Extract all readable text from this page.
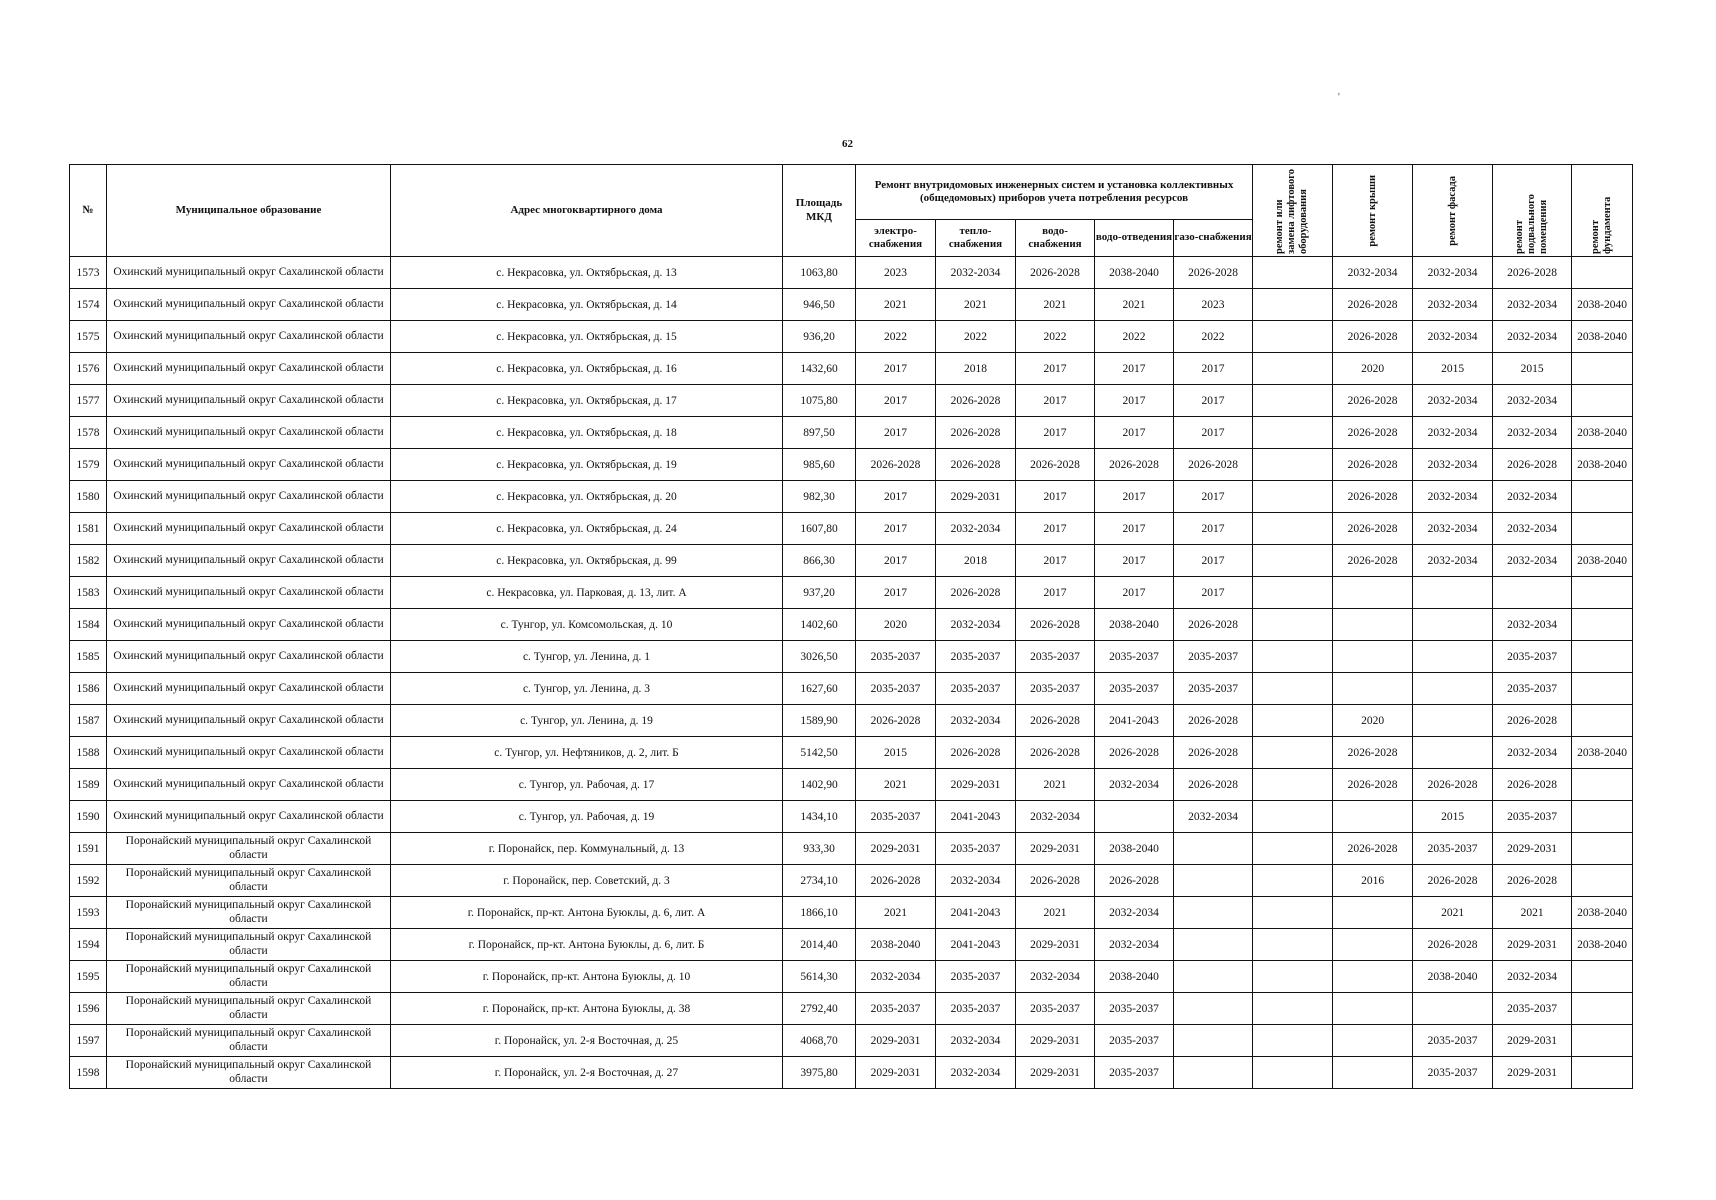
62
№	Муниципальное образование	Адрес многоквартирного дома	Площадь МКД	Ремонт внутридомовых инженерных систем и установка коллективных (общедомовых) приборов учета потребления ресурсов					ремонт или замена лифтового оборудования	ремонт крыши	ремонт фасада	ремонт подвального помещения	ремонт фундамента

				электро-снабжения	тепло-снабжения	водо-снабжения	водо-отведения	газо-снабжения					
1573	Охинский муниципальный округ Сахалинской области	с. Некрасовка, ул. Октябрьская, д. 13	1063,80	2023	2032-2034	2026-2028	2038-2040	2026-2028		2032-2034	2032-2034	2026-2028	
1574	Охинский муниципальный округ Сахалинской области	с. Некрасовка, ул. Октябрьская, д. 14	946,50	2021	2021	2021	2021	2023		2026-2028	2032-2034	2032-2034	2038-2040
1575	Охинский муниципальный округ Сахалинской области	с. Некрасовка, ул. Октябрьская, д. 15	936,20	2022	2022	2022	2022	2022		2026-2028	2032-2034	2032-2034	2038-2040
1576	Охинский муниципальный округ Сахалинской области	с. Некрасовка, ул. Октябрьская, д. 16	1432,60	2017	2018	2017	2017	2017		2020	2015	2015	
1577	Охинский муниципальный округ Сахалинской области	с. Некрасовка, ул. Октябрьская, д. 17	1075,80	2017	2026-2028	2017	2017	2017		2026-2028	2032-2034	2032-2034	
1578	Охинский муниципальный округ Сахалинской области	с. Некрасовка, ул. Октябрьская, д. 18	897,50	2017	2026-2028	2017	2017	2017		2026-2028	2032-2034	2032-2034	2038-2040
1579	Охинский муниципальный округ Сахалинской области	с. Некрасовка, ул. Октябрьская, д. 19	985,60	2026-2028	2026-2028	2026-2028	2026-2028	2026-2028		2026-2028	2032-2034	2026-2028	2038-2040
1580	Охинский муниципальный округ Сахалинской области	с. Некрасовка, ул. Октябрьская, д. 20	982,30	2017	2029-2031	2017	2017	2017		2026-2028	2032-2034	2032-2034	
1581	Охинский муниципальный округ Сахалинской области	с. Некрасовка, ул. Октябрьская, д. 24	1607,80	2017	2032-2034	2017	2017	2017		2026-2028	2032-2034	2032-2034	
1582	Охинский муниципальный округ Сахалинской области	с. Некрасовка, ул. Октябрьская, д. 99	866,30	2017	2018	2017	2017	2017		2026-2028	2032-2034	2032-2034	2038-2040
1583	Охинский муниципальный округ Сахалинской области	с. Некрасовка, ул. Парковая, д. 13, лит. А	937,20	2017	2026-2028	2017	2017	2017					
1584	Охинский муниципальный округ Сахалинской области	с. Тунгор, ул. Комсомольская, д. 10	1402,60	2020	2032-2034	2026-2028	2038-2040	2026-2028				2032-2034	
1585	Охинский муниципальный округ Сахалинской области	с. Тунгор, ул. Ленина, д. 1	3026,50	2035-2037	2035-2037	2035-2037	2035-2037	2035-2037				2035-2037	
1586	Охинский муниципальный округ Сахалинской области	с. Тунгор, ул. Ленина, д. 3	1627,60	2035-2037	2035-2037	2035-2037	2035-2037	2035-2037				2035-2037	
1587	Охинский муниципальный округ Сахалинской области	с. Тунгор, ул. Ленина, д. 19	1589,90	2026-2028	2032-2034	2026-2028	2041-2043	2026-2028		2020		2026-2028	
1588	Охинский муниципальный округ Сахалинской области	с. Тунгор, ул. Нефтяников, д. 2, лит. Б	5142,50	2015	2026-2028	2026-2028	2026-2028	2026-2028		2026-2028		2032-2034	2038-2040
1589	Охинский муниципальный округ Сахалинской области	с. Тунгор, ул. Рабочая, д. 17	1402,90	2021	2029-2031	2021	2032-2034	2026-2028		2026-2028	2026-2028	2026-2028	
1590	Охинский муниципальный округ Сахалинской области	с. Тунгор, ул. Рабочая, д. 19	1434,10	2035-2037	2041-2043	2032-2034		2032-2034			2015	2035-2037	
1591	Поронайский муниципальный округ Сахалинской области	г. Поронайск, пер. Коммунальный, д. 13	933,30	2029-2031	2035-2037	2029-2031	2038-2040			2026-2028	2035-2037	2029-2031	
1592	Поронайский муниципальный округ Сахалинской области	г. Поронайск, пер. Советский, д. 3	2734,10	2026-2028	2032-2034	2026-2028	2026-2028			2016	2026-2028	2026-2028	
1593	Поронайский муниципальный округ Сахалинской области	г. Поронайск, пр-кт. Антона Буюклы, д. 6, лит. А	1866,10	2021	2041-2043	2021	2032-2034				2021	2021	2038-2040
1594	Поронайский муниципальный округ Сахалинской области	г. Поронайск, пр-кт. Антона Буюклы, д. 6, лит. Б	2014,40	2038-2040	2041-2043	2029-2031	2032-2034				2026-2028	2029-2031	2038-2040
1595	Поронайский муниципальный округ Сахалинской области	г. Поронайск, пр-кт. Антона Буюклы, д. 10	5614,30	2032-2034	2035-2037	2032-2034	2038-2040				2038-2040	2032-2034	
1596	Поронайский муниципальный округ Сахалинской области	г. Поронайск, пр-кт. Антона Буюклы, д. 38	2792,40	2035-2037	2035-2037	2035-2037	2035-2037					2035-2037	
1597	Поронайский муниципальный округ Сахалинской области	г. Поронайск, ул. 2-я Восточная, д. 25	4068,70	2029-2031	2032-2034	2029-2031	2035-2037				2035-2037	2029-2031	
1598	Поронайский муниципальный округ Сахалинской области	г. Поронайск, ул. 2-я Восточная, д. 27	3975,80	2029-2031	2032-2034	2029-2031	2035-2037				2035-2037	2029-2031	
'
